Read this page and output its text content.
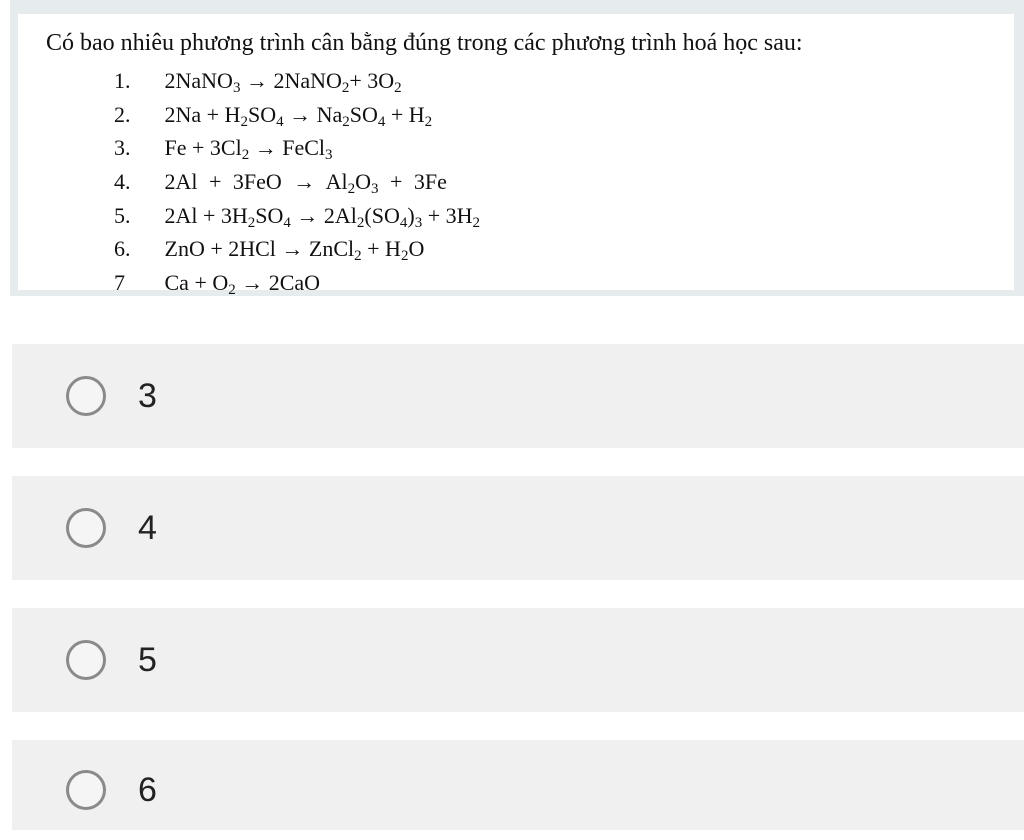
Có bao nhiêu phương trình cân bằng đúng trong các phương trình hoá học sau:
1. 2NaNO$_3$ → 2NaNO$_2$+ $3O_2$
2. $2Na + H_2SO_4 \to Na_2SO_4 + H_2$
3. $Fe + 3Cl_2$ → FeCl$_3$
4. $2Al + 3FeO \to Al_2O_3 + 3Fe$
5. $2Al + 3H_2SO_4 \to 2Al_2(SO_4)_3 + 3H_2$
6. ZnO + 2HCl → ZnCl$_2$ + $H_2O$
7 $Ca + O_2 \to 2CaO$
3
4
5
6
